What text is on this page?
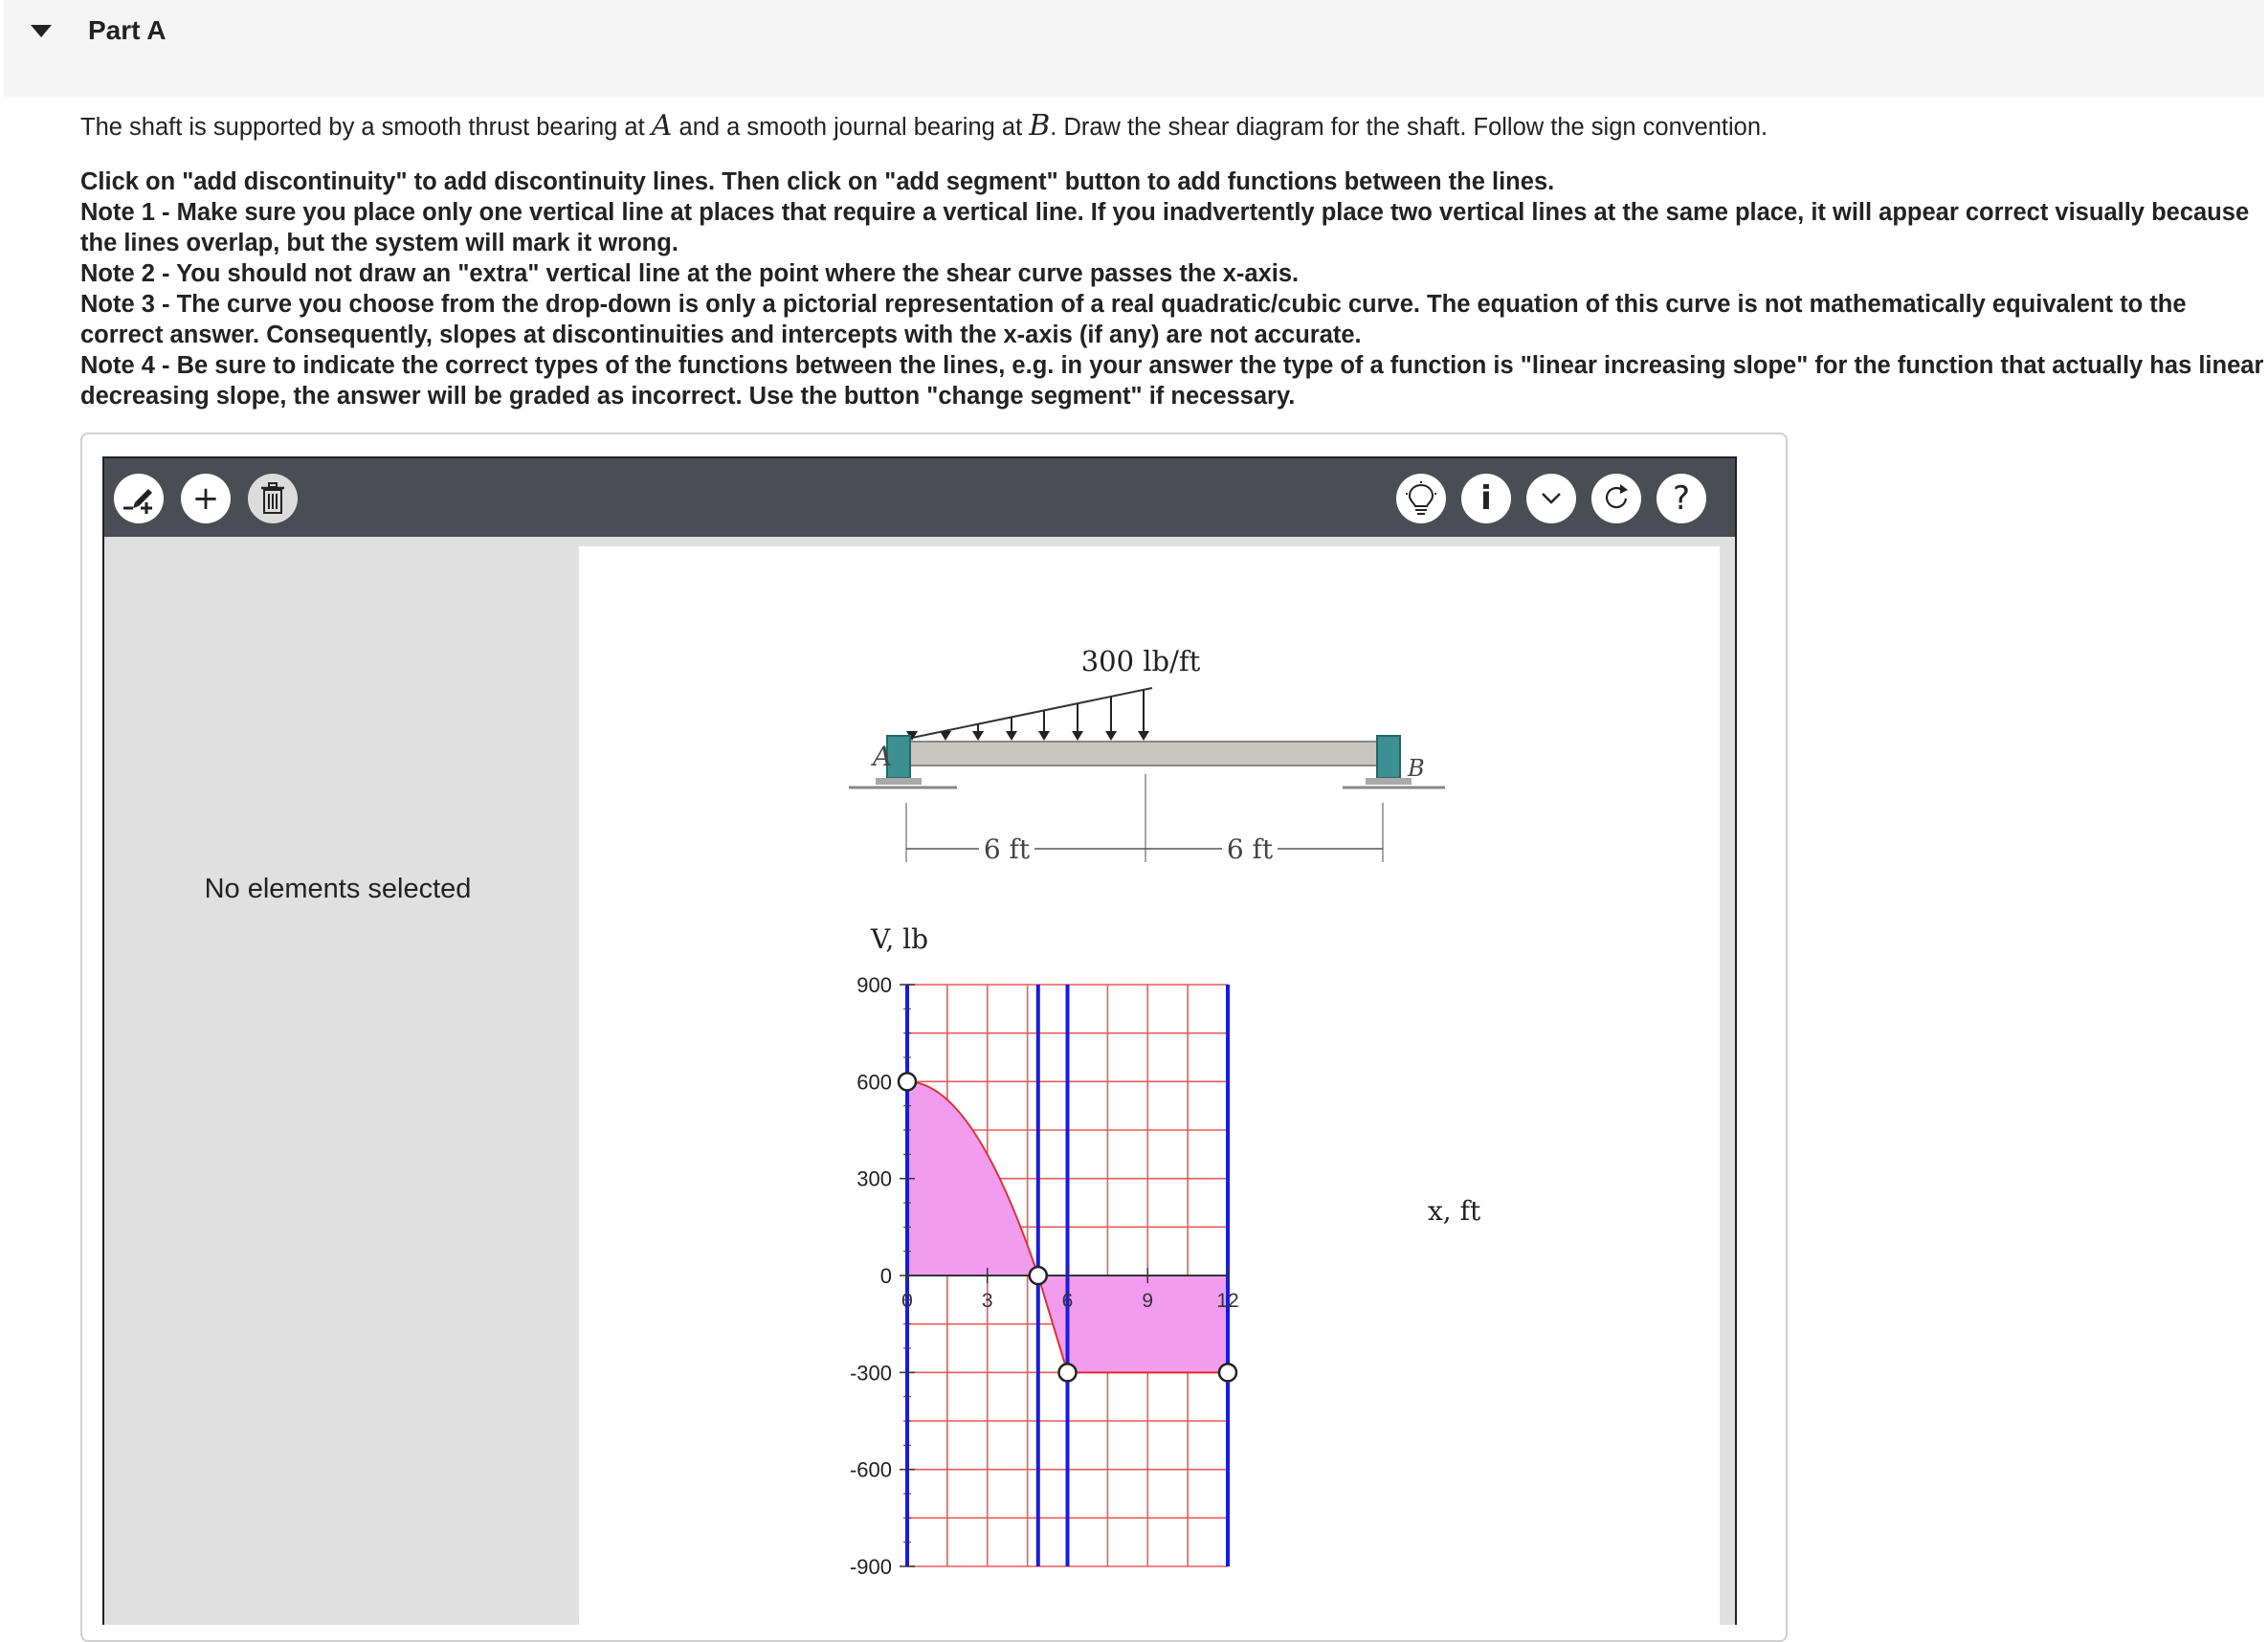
Part A
The shaft is supported by a smooth thrust bearing at A and a smooth journal bearing at B. Draw the shear diagram for the shaft. Follow the sign convention.

Click on "add discontinuity" to add discontinuity lines. Then click on "add segment" button to add functions between the lines.

Note 1 - Make sure you place only one vertical line at places that require a vertical line. If you inadvertently place two vertical lines at the same place, it will appear correct visually because the lines overlap, but the system will mark it wrong.

Note 2 - You should not draw an "extra" vertical line at the point where the shear curve passes the x-axis.

Note 3 - The curve you choose from the drop-down is only a pictorial representation of a real quadratic/cubic curve. The equation of this curve is not mathematically equivalent to the correct answer. Consequently, slopes at discontinuities and intercepts with the x-axis (if any) are not accurate.

Note 4 - Be sure to indicate the correct types of the functions between the lines, e.g. in your answer the type of a function is "linear increasing slope" for the function that actually has linear decreasing slope, the answer will be graded as incorrect. Use the button "change segment" if necessary.

+	i	?
No elements selected
300 lb/ft
A	B
6 ft	6 ft
V, lb
x, ft
900
600
300
0
-300
-600
-900
0	3	6	9	12
